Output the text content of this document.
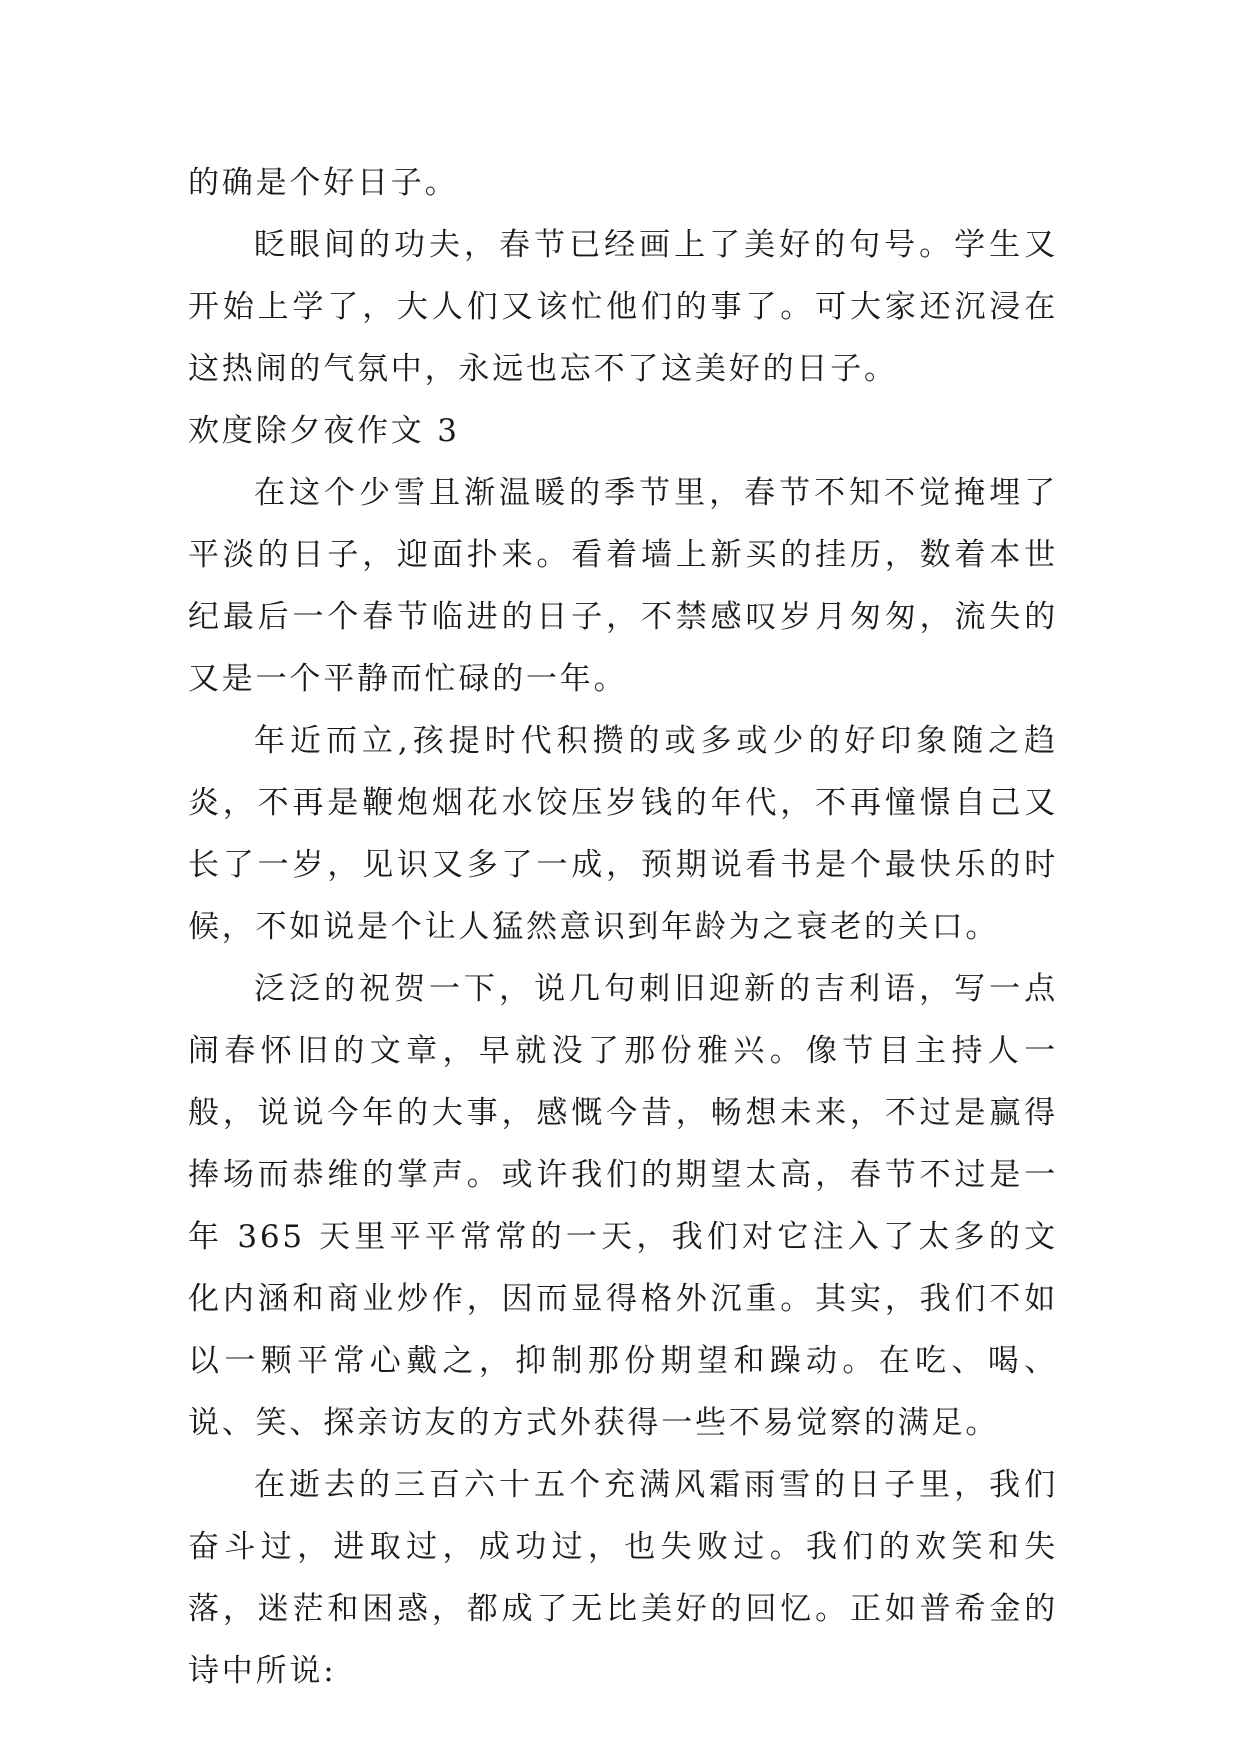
的确是个好日子。

眨眼间的功夫，春节已经画上了美好的句号。学生又开始上学了，大人们又该忙他们的事了。可大家还沉浸在这热闹的气氛中，永远也忘不了这美好的日子。

欢度除夕夜作文 3

在这个少雪且渐温暖的季节里，春节不知不觉掩埋了平淡的日子，迎面扑来。看着墙上新买的挂历，数着本世纪最后一个春节临进的日子，不禁感叹岁月匆匆，流失的又是一个平静而忙碌的一年。

年近而立,孩提时代积攒的或多或少的好印象随之趋炎，不再是鞭炮烟花水饺压岁钱的年代，不再憧憬自己又长了一岁，见识又多了一成，预期说看书是个最快乐的时候，不如说是个让人猛然意识到年龄为之衰老的关口。

泛泛的祝贺一下，说几句刺旧迎新的吉利语，写一点闹春怀旧的文章，早就没了那份雅兴。像节目主持人一般，说说今年的大事，感慨今昔，畅想未来，不过是赢得捧场而恭维的掌声。或许我们的期望太高，春节不过是一年 365 天里平平常常的一天，我们对它注入了太多的文化内涵和商业炒作，因而显得格外沉重。其实，我们不如以一颗平常心戴之，抑制那份期望和躁动。在吃、喝、说、笑、探亲访友的方式外获得一些不易觉察的满足。

在逝去的三百六十五个充满风霜雨雪的日子里，我们奋斗过，进取过，成功过，也失败过。我们的欢笑和失落，迷茫和困惑，都成了无比美好的回忆。正如普希金的诗中所说:
